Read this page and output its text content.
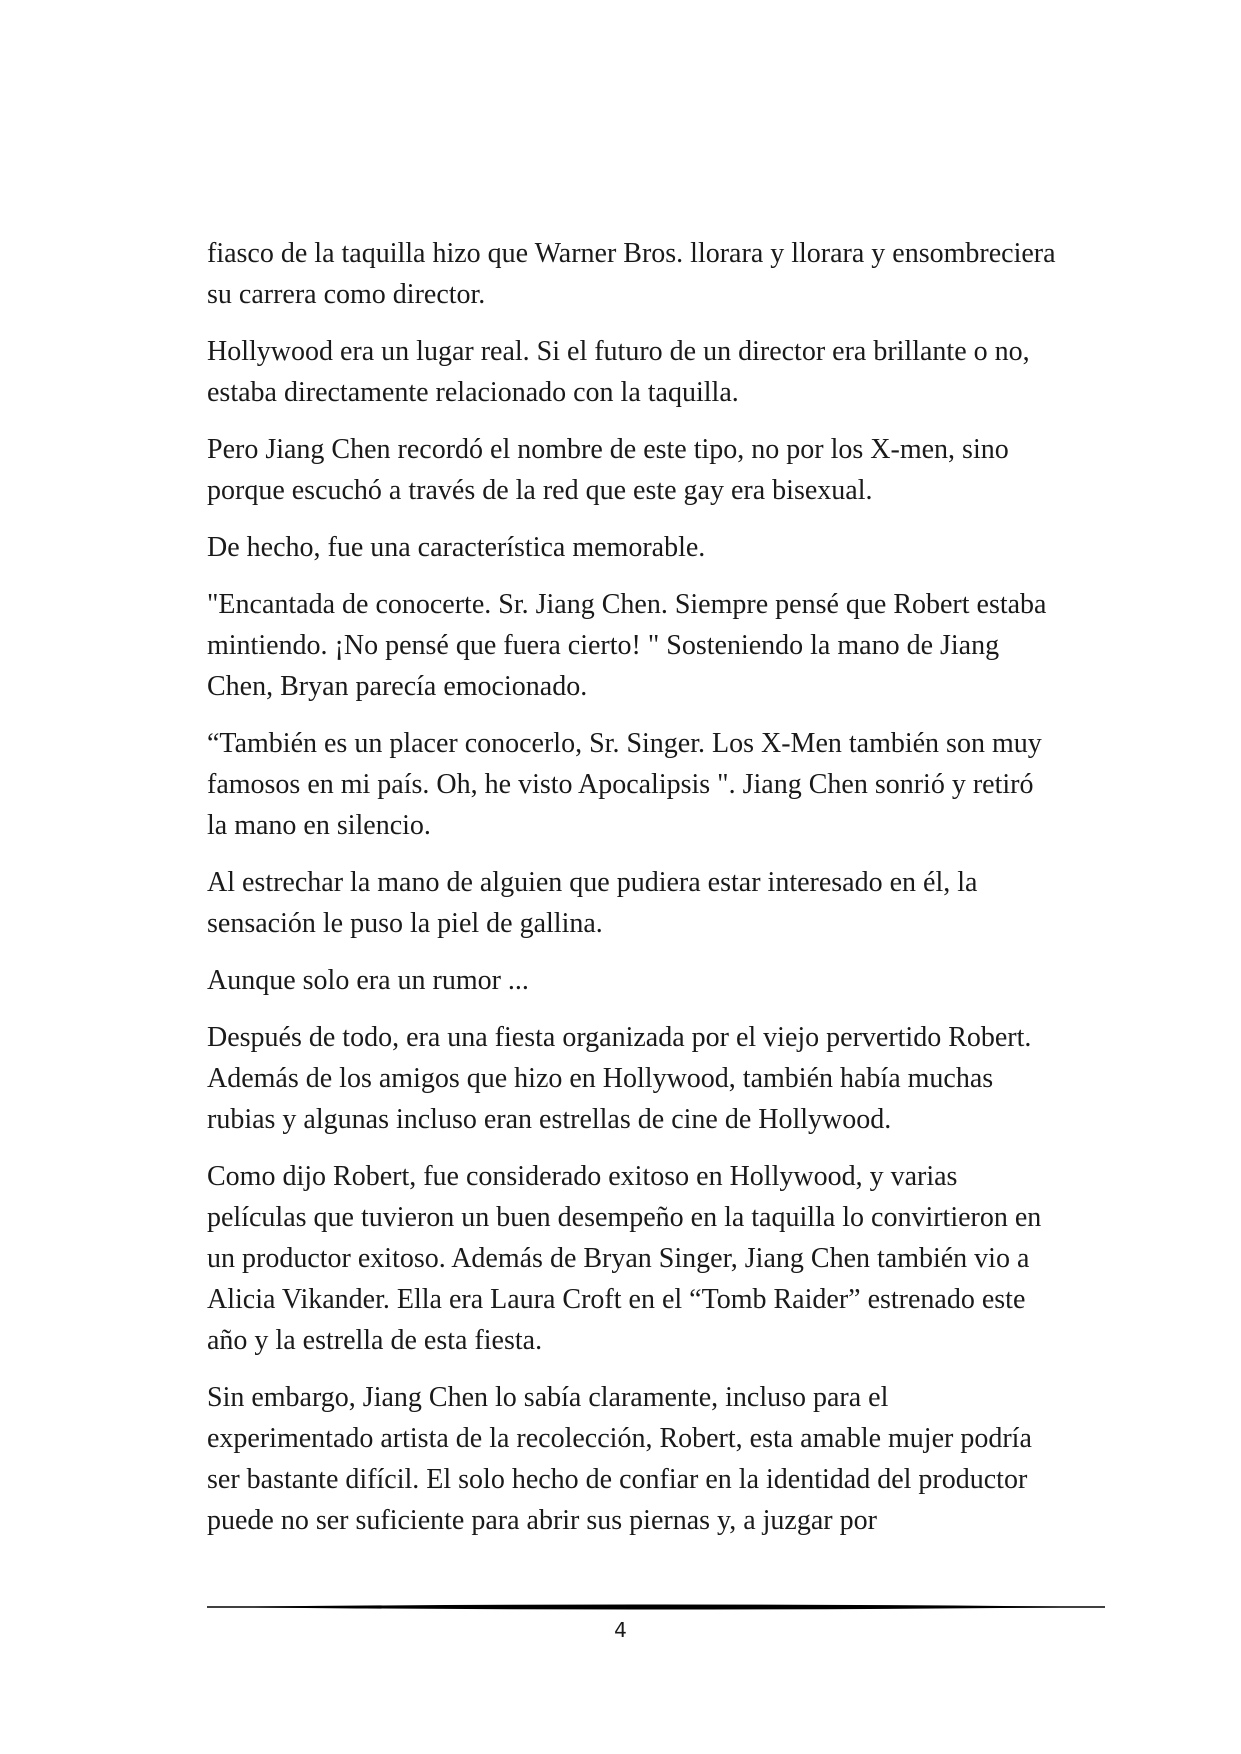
fiasco de la taquilla hizo que Warner Bros. llorara y llorara y ensombreciera su carrera como director.

Hollywood era un lugar real. Si el futuro de un director era brillante o no, estaba directamente relacionado con la taquilla.

Pero Jiang Chen recordó el nombre de este tipo, no por los X-men, sino porque escuchó a través de la red que este gay era bisexual.

De hecho, fue una característica memorable.

"Encantada de conocerte. Sr. Jiang Chen. Siempre pensé que Robert estaba mintiendo. ¡No pensé que fuera cierto! " Sosteniendo la mano de Jiang Chen, Bryan parecía emocionado.

“También es un placer conocerlo, Sr. Singer. Los X-Men también son muy famosos en mi país. Oh, he visto Apocalipsis ". Jiang Chen sonrió y retiró la mano en silencio.

Al estrechar la mano de alguien que pudiera estar interesado en él, la sensación le puso la piel de gallina.

Aunque solo era un rumor ...

Después de todo, era una fiesta organizada por el viejo pervertido Robert. Además de los amigos que hizo en Hollywood, también había muchas rubias y algunas incluso eran estrellas de cine de Hollywood.

Como dijo Robert, fue considerado exitoso en Hollywood, y varias películas que tuvieron un buen desempeño en la taquilla lo convirtieron en un productor exitoso. Además de Bryan Singer, Jiang Chen también vio a Alicia Vikander. Ella era Laura Croft en el “Tomb Raider” estrenado este año y la estrella de esta fiesta.

Sin embargo, Jiang Chen lo sabía claramente, incluso para el experimentado artista de la recolección, Robert, esta amable mujer podría ser bastante difícil. El solo hecho de confiar en la identidad del productor puede no ser suficiente para abrir sus piernas y, a juzgar por

4
